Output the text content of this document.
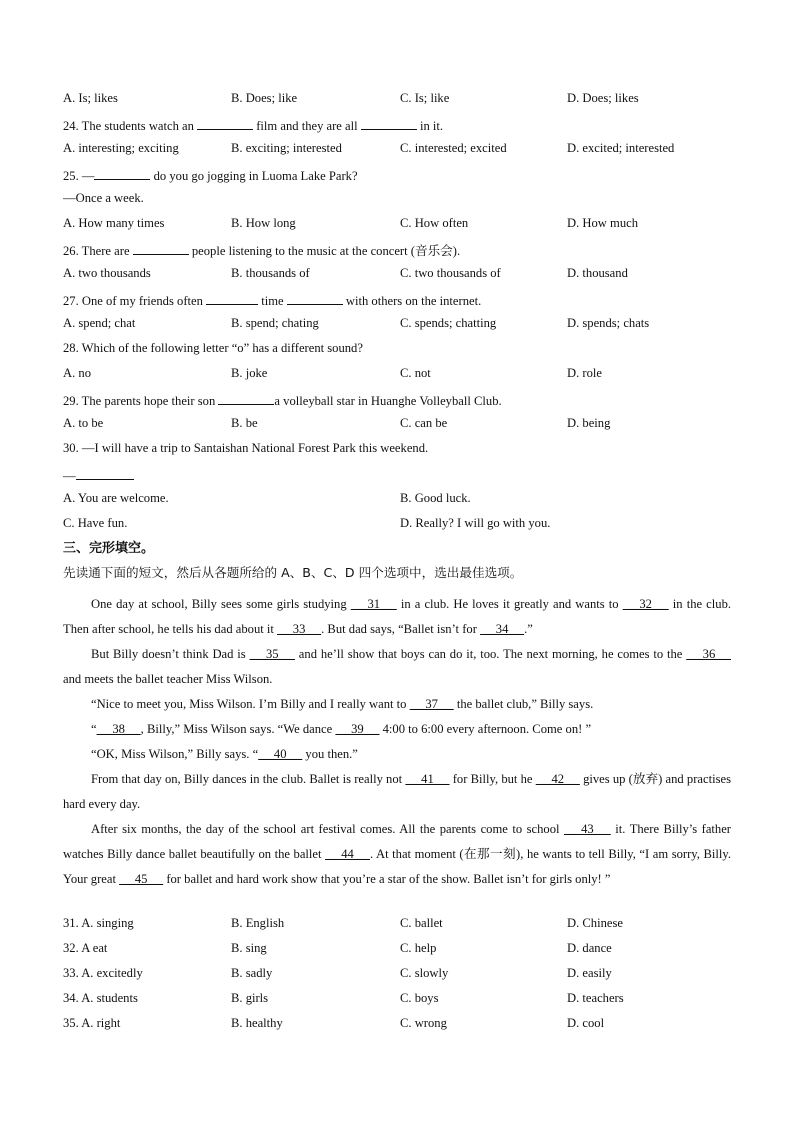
A. Is; likes	B. Does; like	C. Is; like	D. Does; likes
24. The students watch an	film and they are all	in it.
A. interesting; exciting	B. exciting; interested	C. interested; excited	D. excited; interested
25. —	do you go jogging in Luoma Lake Park?
—Once a week.
A. How many times	B. How long	C. How often	D. How much
26. There are	people listening to the music at the concert (音乐会).
A. two thousands	B. thousands of	C. two thousands of	D. thousand
27. One of my friends often	time	with others on the internet.
A. spend; chat	B. spend; chating	C. spends; chatting	D. spends; chats
28. Which of the following letter “o” has a different sound?
A. no	B. joke	C. not	D. role
29. The parents hope their son	a volleyball star in Huanghe Volleyball Club.
A. to be	B. be	C. can be	D. being
30. —I will have a trip to Santaishan National Forest Park this weekend.
—
A. You are welcome.	B. Good luck.
C. Have fun.	D. Really? I will go with you.
三、完形填空。
先读通下面的短文，然后从各题所给的 A、B、C、D 四个选项中，选出最佳选项。
One day at school, Billy sees some girls studying  __31__  in a club. He loves it greatly and wants to  __32__  in the club. Then after school, he tells his dad about it  __33__ . But dad says, “Ballet isn’t for  __34__ .”
But Billy doesn’t think Dad is  __35__  and he’ll show that boys can do it, too. The next morning, he comes to the  __36__  and meets the ballet teacher Miss Wilson.
“Nice to meet you, Miss Wilson. I’m Billy and I really want to  __37__  the ballet club,” Billy says.
“ __38__ , Billy,” Miss Wilson says. “We dance  __39__  4:00 to 6:00 every afternoon. Come on! ”
“OK, Miss Wilson,” Billy says. “ __40__  you then.”
From that day on, Billy dances in the club. Ballet is really not  __41__  for Billy, but he  __42__  gives up (放弃) and practises hard every day.
After six months, the day of the school art festival comes. All the parents come to school  __43__  it. There Billy’s father watches Billy dance ballet beautifully on the ballet  __44__ . At that moment (在那一刻), he wants to tell Billy, “I am sorry, Billy. Your great  __45__  for ballet and hard work show that you’re a star of the show. Ballet isn’t for girls only! ”
31. A. singing	B. English	C. ballet	D. Chinese
32. A eat	B. sing	C. help	D. dance
33. A. excitedly	B. sadly	C. slowly	D. easily
34. A. students	B. girls	C. boys	D. teachers
35. A. right	B. healthy	C. wrong	D. cool
